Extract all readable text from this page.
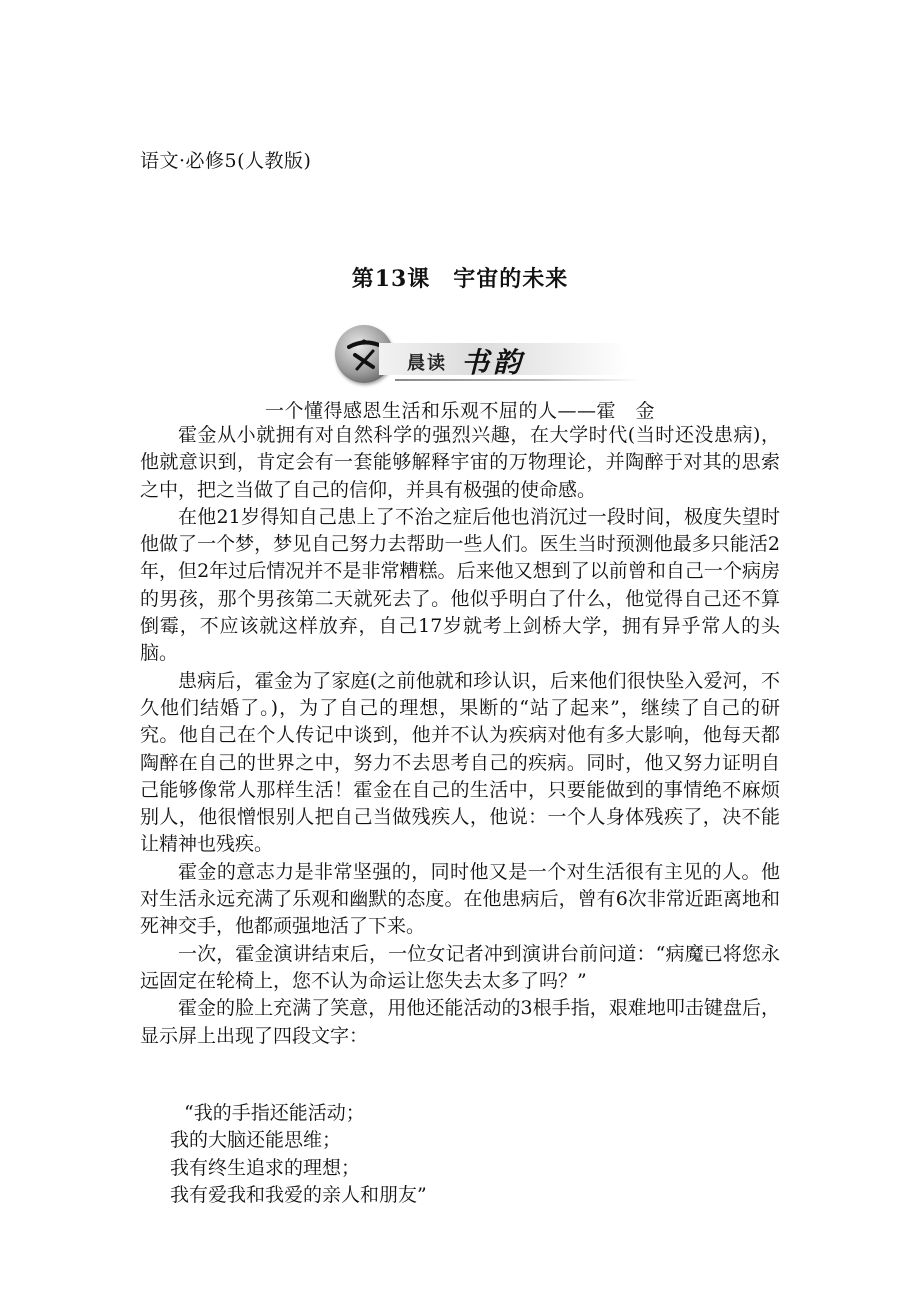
语文·必修5(人教版)
第13课　宇宙的未来
晨读 书韵
一个懂得感恩生活和乐观不屈的人——霍　金

霍金从小就拥有对自然科学的强烈兴趣，在大学时代(当时还没患病)，他就意识到，肯定会有一套能够解释宇宙的万物理论，并陶醉于对其的思索之中，把之当做了自己的信仰，并具有极强的使命感。

在他21岁得知自己患上了不治之症后他也消沉过一段时间，极度失望时他做了一个梦，梦见自己努力去帮助一些人们。医生当时预测他最多只能活2年，但2年过后情况并不是非常糟糕。后来他又想到了以前曾和自己一个病房的男孩，那个男孩第二天就死去了。他似乎明白了什么，他觉得自己还不算倒霉，不应该就这样放弃，自己17岁就考上剑桥大学，拥有异乎常人的头脑。

患病后，霍金为了家庭(之前他就和珍认识，后来他们很快坠入爱河，不久他们结婚了。)，为了自己的理想，果断的“站了起来”，继续了自己的研究。他自己在个人传记中谈到，他并不认为疾病对他有多大影响，他每天都陶醉在自己的世界之中，努力不去思考自己的疾病。同时，他又努力证明自己能够像常人那样生活！霍金在自己的生活中，只要能做到的事情绝不麻烦别人，他很憎恨别人把自己当做残疾人，他说：一个人身体残疾了，决不能让精神也残疾。

霍金的意志力是非常坚强的，同时他又是一个对生活很有主见的人。他对生活永远充满了乐观和幽默的态度。在他患病后，曾有6次非常近距离地和死神交手，他都顽强地活了下来。

一次，霍金演讲结束后，一位女记者冲到演讲台前问道：“病魔已将您永远固定在轮椅上，您不认为命运让您失去太多了吗？”

霍金的脸上充满了笑意，用他还能活动的3根手指，艰难地叩击键盘后，显示屏上出现了四段文字：

“我的手指还能活动；
我的大脑还能思维；
我有终生追求的理想；
我有爱我和我爱的亲人和朋友”
